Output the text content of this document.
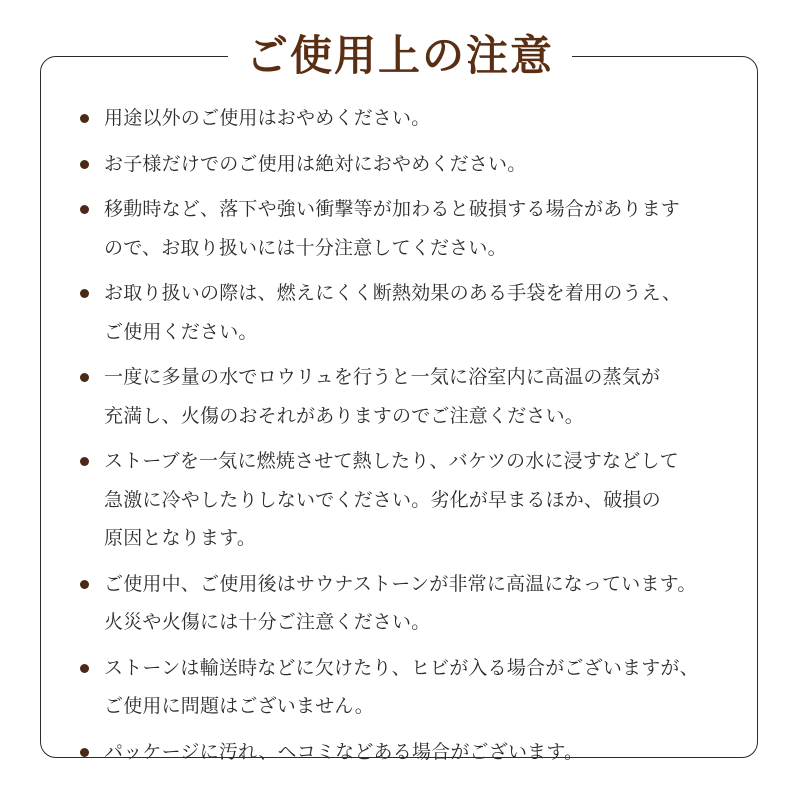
ご使用上の注意
用途以外のご使用はおやめください。
お子様だけでのご使用は絶対におやめください。
移動時など、落下や強い衝撃等が加わると破損する場合があります
ので、お取り扱いには十分注意してください。
お取り扱いの際は、燃えにくく断熱効果のある手袋を着用のうえ、
ご使用ください。
一度に多量の水でロウリュを行うと一気に浴室内に高温の蒸気が
充満し、火傷のおそれがありますのでご注意ください。
ストーブを一気に燃焼させて熱したり、バケツの水に浸すなどして
急激に冷やしたりしないでください。劣化が早まるほか、破損の
原因となります。
ご使用中、ご使用後はサウナストーンが非常に高温になっています。
火災や火傷には十分ご注意ください。
ストーンは輸送時などに欠けたり、ヒビが入る場合がございますが、
ご使用に問題はございません。
パッケージに汚れ、ヘコミなどある場合がございます。
